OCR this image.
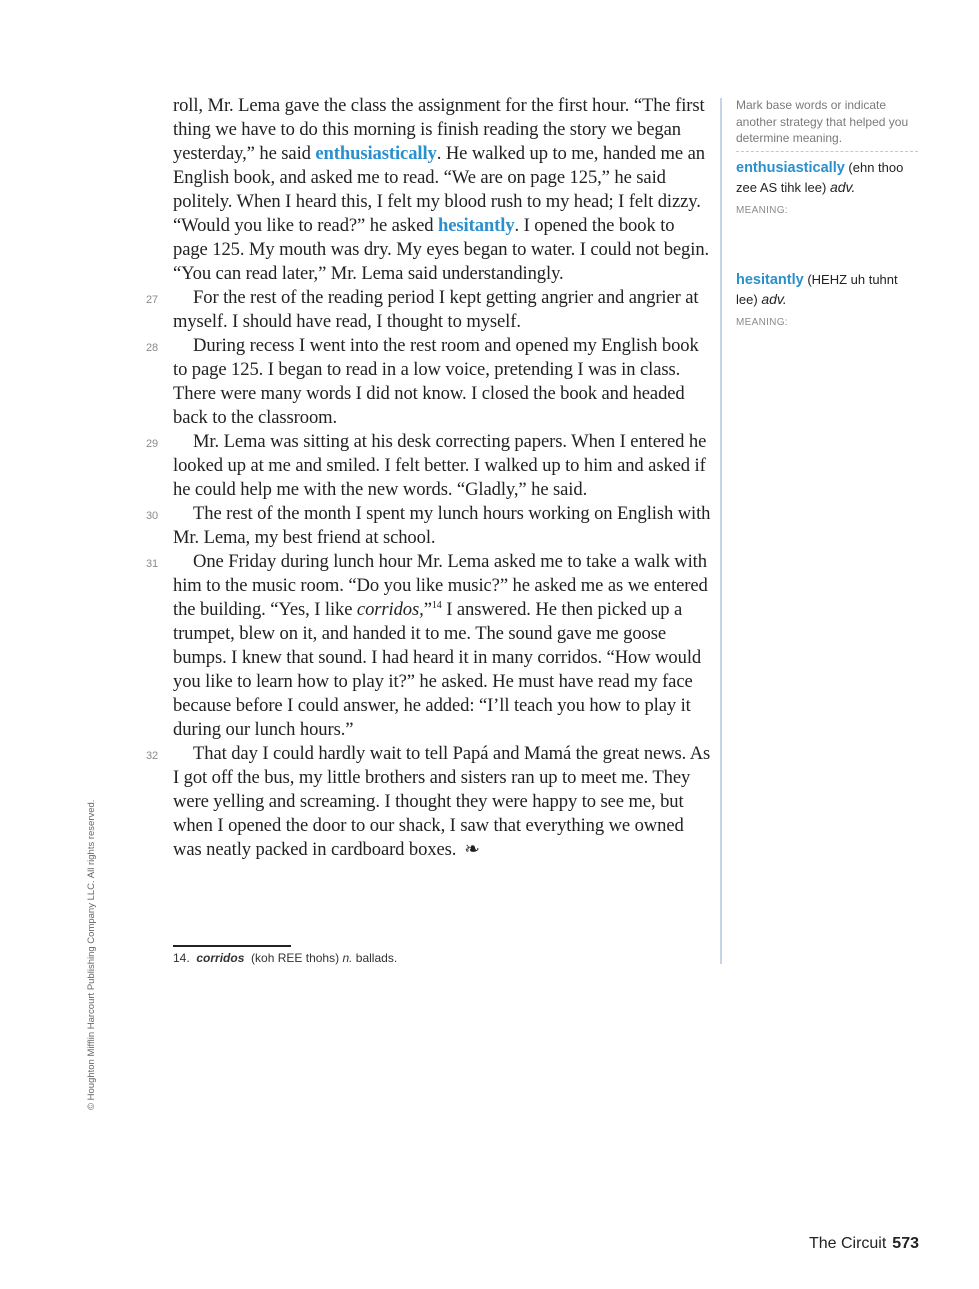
roll, Mr. Lema gave the class the assignment for the first hour. “The first thing we have to do this morning is finish reading the story we began yesterday,” he said enthusiastically. He walked up to me, handed me an English book, and asked me to read. “We are on page 125,” he said politely. When I heard this, I felt my blood rush to my head; I felt dizzy. “Would you like to read?” he asked hesitantly. I opened the book to page 125. My mouth was dry. My eyes began to water. I could not begin. “You can read later,” Mr. Lema said understandingly.

27 For the rest of the reading period I kept getting angrier and angrier at myself. I should have read, I thought to myself.

28 During recess I went into the rest room and opened my English book to page 125. I began to read in a low voice, pretending I was in class. There were many words I did not know. I closed the book and headed back to the classroom.

29 Mr. Lema was sitting at his desk correcting papers. When I entered he looked up at me and smiled. I felt better. I walked up to him and asked if he could help me with the new words. “Gladly,” he said.

30 The rest of the month I spent my lunch hours working on English with Mr. Lema, my best friend at school.

31 One Friday during lunch hour Mr. Lema asked me to take a walk with him to the music room. “Do you like music?” he asked me as we entered the building. “Yes, I like corridos,”$^{14}$ I answered. He then picked up a trumpet, blew on it, and handed it to me. The sound gave me goose bumps. I knew that sound. I had heard it in many corridos. “How would you like to learn how to play it?” he asked. He must have read my face because before I could answer, he added: “I’ll teach you how to play it during our lunch hours.”

32 That day I could hardly wait to tell Papá and Mamá the great news. As I got off the bus, my little brothers and sisters ran up to meet me. They were yelling and screaming. I thought they were happy to see me, but when I opened the door to our shack, I saw that everything we owned was neatly packed in cardboard boxes. ❧

14. corridos (koh REE thohs) n. ballads.
Mark base words or indicate another strategy that helped you determine meaning.
enthusiastically (ehn thoo zee AS tihk lee) adv.
MEANING:
hesitantly (HEHZ uh tuhnt lee) adv.
MEANING:
© Houghton Mifflin Harcourt Publishing Company LLC. All rights reserved.
The Circuit 573
